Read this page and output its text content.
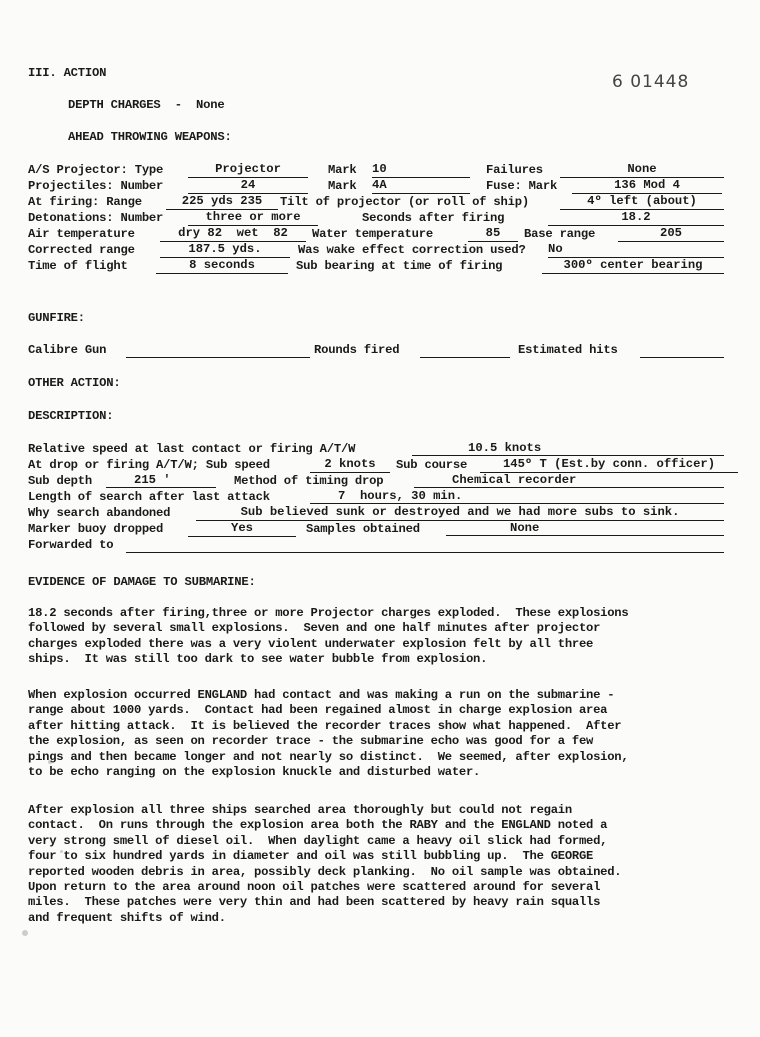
6 01448
III. ACTION
DEPTH CHARGES  -  None
AHEAD THROWING WEAPONS:
A/S Projector: Type	Projector	Mark 10	Failures	None
Projectiles: Number	24	Mark 4A	Fuse: Mark	136 Mod 4
At firing: Range	225 yds 235	Tilt of projector (or roll of ship)	4º left (about)
Detonations: Number	three or more	Seconds after firing	18.2
Air temperature	dry 82  wet  82	Water temperature	85	Base range	205
Corrected range	187.5 yds.	Was wake effect correction used? No
Time of flight	8 seconds	Sub bearing at time of firing	300º center bearing
GUNFIRE:
Calibre Gun	Rounds fired	Estimated hits
OTHER ACTION:
DESCRIPTION:
Relative speed at last contact or firing A/T/W	10.5 knots
At drop or firing A/T/W; Sub speed	2 knots	Sub course	145º T (Est.by conn. officer)
Sub depth	215 '	Method of timing drop	Chemical recorder
Length of search after last attack	7  hours, 30 min.
Why search abandoned	Sub believed sunk or destroyed and we had more subs to sink.
Marker buoy dropped	Yes	Samples obtained	None
Forwarded to
EVIDENCE OF DAMAGE TO SUBMARINE:
18.2 seconds after firing,three or more Projector charges exploded.  These explosions
followed by several small explosions.  Seven and one half minutes after projector
charges exploded there was a very violent underwater explosion felt by all three
ships.  It was still too dark to see water bubble from explosion.
When explosion occurred ENGLAND had contact and was making a run on the submarine -
range about 1000 yards.  Contact had been regained almost in charge explosion area
after hitting attack.  It is believed the recorder traces show what happened.  After
the explosion, as seen on recorder trace - the submarine echo was good for a few
pings and then became longer and not nearly so distinct.  We seemed, after explosion,
to be echo ranging on the explosion knuckle and disturbed water.
After explosion all three ships searched area thoroughly but could not regain
contact.  On runs through the explosion area both the RABY and the ENGLAND noted a
very strong smell of diesel oil.  When daylight came a heavy oil slick had formed,
four to six hundred yards in diameter and oil was still bubbling up.  The GEORGE
reported wooden debris in area, possibly deck planking.  No oil sample was obtained.
Upon return to the area around noon oil patches were scattered around for several
miles.  These patches were very thin and had been scattered by heavy rain squalls
and frequent shifts of wind.
